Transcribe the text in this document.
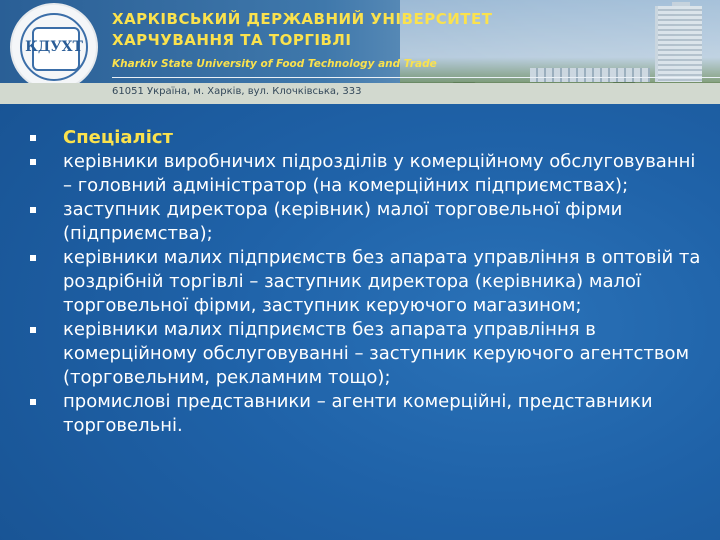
КДУХТ
ХАРКІВСЬКИЙ ДЕРЖАВНИЙ УНІВЕРСИТЕТ
ХАРЧУВАННЯ ТА ТОРГІВЛІ
Kharkiv State University of Food Technology and Trade
61051 Україна, м. Харків, вул. Клочківська, 333
Спеціаліст
керівники виробничих підрозділів у комерційному обслуговуванні – головний адміністратор (на комерційних підприємствах);
заступник директора (керівник) малої торговельної фірми (підприємства);
керівники малих підприємств без апарата управління в оптовій та роздрібній торгівлі – заступник директора (керівника) малої торговельної фірми, заступник керуючого магазином;
керівники малих підприємств без апарата управління в комерційному обслуговуванні – заступник керуючого агентством (торговельним, рекламним тощо);
промислові представники – агенти комерційні, представники торговельні.
